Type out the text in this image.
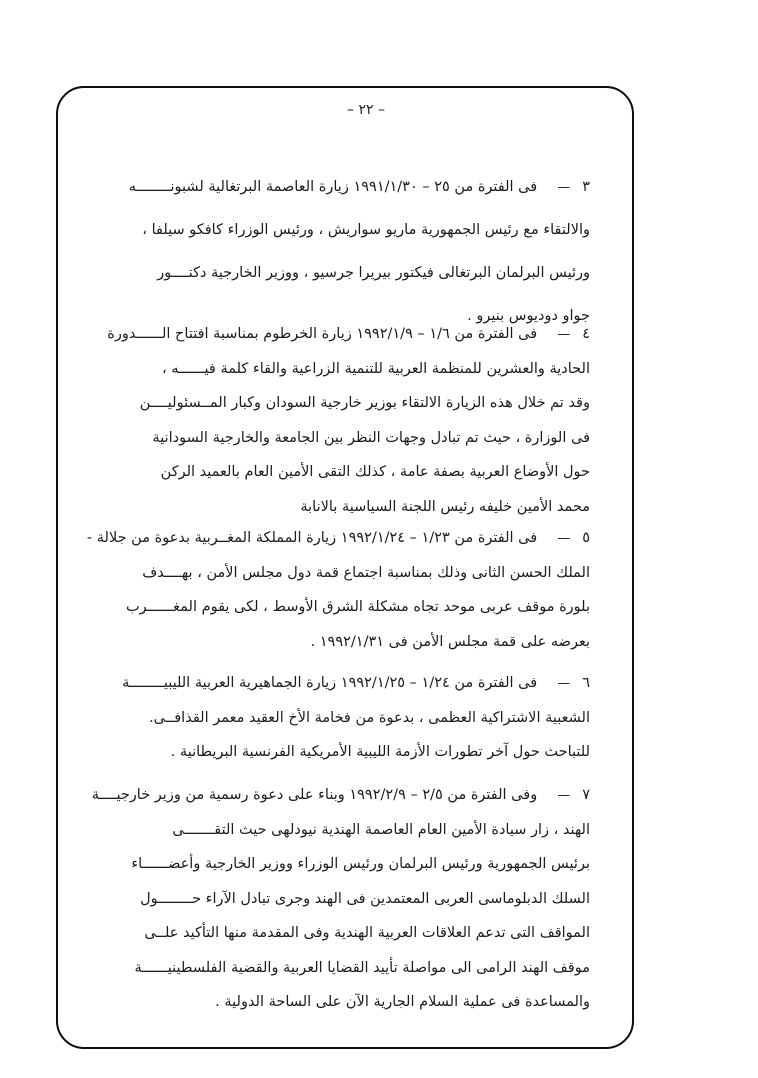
– ٢٢ –
٣—فى الفترة من ٢٥ – ١٩٩١/١/٣٠ زيارة العاصمة البرتغالية لشبونــــــــه
والالتقاء مع رئيس الجمهورية ماريو سواريش ، ورئيس الوزراء كافكو سيلفا ،
ورئيس البرلمان البرتغالى فيكتور بيريرا جرسيو ، ووزير الخارجية دكتــــور
جواو دوديوس بنيرو .
٤—فى الفترة من ١/٦ – ١٩٩٢/١/٩ زيارة الخرطوم بمناسبة افتتاح الــــــدورة
الحادية والعشرين للمنظمة العربية للتنمية الزراعية والقاء كلمة فيــــــه ،
وقد تم خلال هذه الزيارة الالتقاء بوزير خارجية السودان وكبار المــسئوليــــن
فى الوزارة ، حيث تم تبادل وجهات النظر بين الجامعة والخارجية السودانية
حول الأوضاع العربية بصفة عامة ، كذلك التقى الأمين العام بالعميد الركن
محمد الأمين خليفه رئيس اللجنة السياسية بالانابة
٥—فى الفترة من ١/٢٣ – ١٩٩٢/١/٢٤ زيارة المملكة المغــربية بدعوة من جلالة -
الملك الحسن الثانى وذلك بمناسبة اجتماع قمة دول مجلس الأمن ، بهــــدف
بلورة موقف عربى موحد تجاه مشكلة الشرق الأوسط ، لكى يقوم المغــــــرب
بعرضه على قمة مجلس الأمن فى ١٩٩٢/١/٣١ .
٦—فى الفترة من ١/٢٤ – ١٩٩٢/١/٢٥ زيارة الجماهيرية العربية الليبيــــــــة
الشعبية الاشتراكية العظمى ، بدعوة من فخامة الأخ العقيد معمر القذافــى.
للتباحث حول آخر تطورات الأزمة الليبية الأمريكية الفرنسية البريطانية .
٧—وفى الفترة من ٢/٥ – ١٩٩٢/٢/٩ وبناء على دعوة رسمية من وزير خارجيــــة
الهند ، زار سيادة الأمين العام العاصمة الهندية نيودلهى حيث التقـــــــى
برئيس الجمهورية ورئيس البرلمان ورئيس الوزراء ووزير الخارجية وأعضــــــاء
السلك الدبلوماسى العربى المعتمدين فى الهند وجرى تبادل الآراء حــــــــول
المواقف التى تدعم العلاقات العربية الهندية وفى المقدمة منها التأكيد علــى
موقف الهند الرامى الى مواصلة تأييد القضايا العربية والقضية الفلسطينيــــــة
والمساعدة فى عملية السلام الجارية الآن على الساحة الدولية .
